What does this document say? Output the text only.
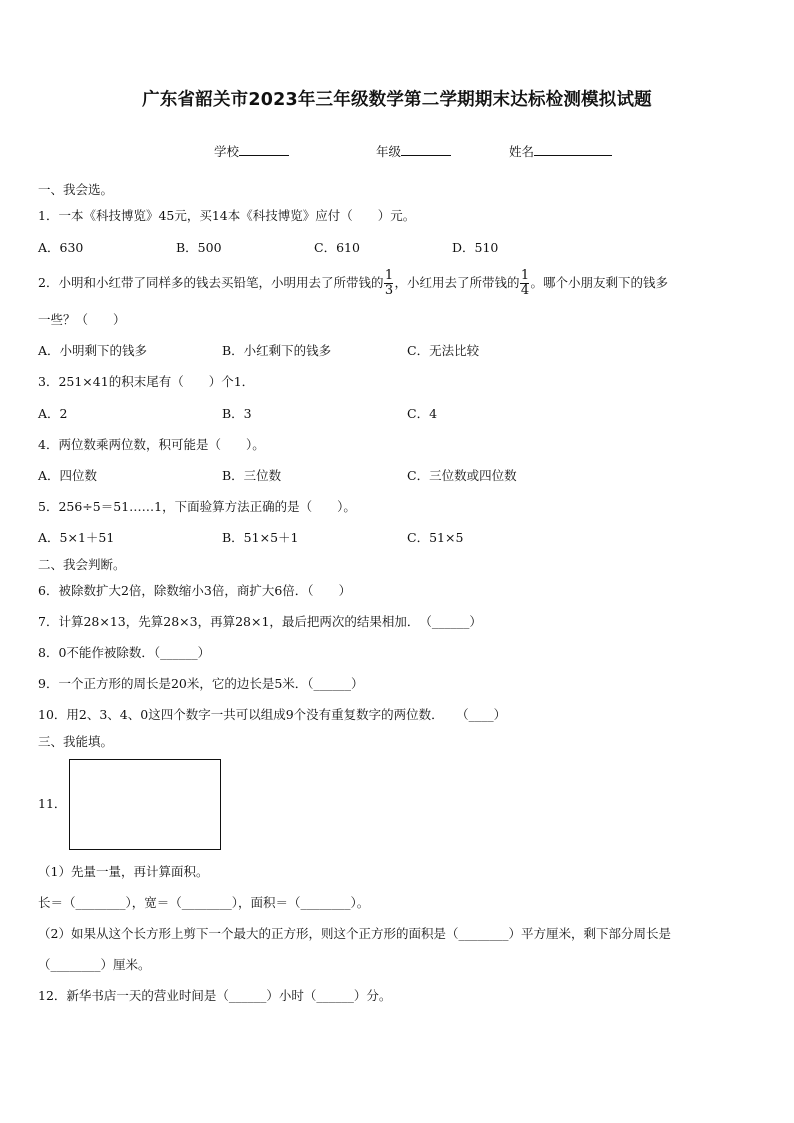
广东省韶关市2023年三年级数学第二学期期末达标检测模拟试题
学校	年级	姓名
一、我会选。
1．一本《科技博览》45元，买14本《科技博览》应付（　　）元。
A．630	B．500	C．610	D．510
2．小明和小红带了同样多的钱去买铅笔，小明用去了所带钱的 $\frac{1}{3}$ ，小红用去了所带钱的 $\frac{1}{4}$ 。哪个小朋友剩下的钱多
一些？（　　）
A．小明剩下的钱多	B．小红剩下的钱多	C．无法比较
3．251×41的积末尾有（　　）个1．
A．2	B．3	C．4
4．两位数乘两位数，积可能是（　　）。
A．四位数	B．三位数	C．三位数或四位数
5．256÷5＝51……1，下面验算方法正确的是（　　）。
A．5×1＋51	B．51×5＋1	C．51×5
二、我会判断。
6．被除数扩大2倍，除数缩小3倍，商扩大6倍．（　　）
7．计算28×13，先算28×3，再算28×1，最后把两次的结果相加．　（______）
8．0不能作被除数．（______）
9．一个正方形的周长是20米，它的边长是5米．（______）
10．用2、3、4、0这四个数字一共可以组成9个没有重复数字的两位数．　　（____）
三、我能填。
11．
（1）先量一量，再计算面积。
长＝（________），宽＝（________），面积＝（________）。
（2）如果从这个长方形上剪下一个最大的正方形，则这个正方形的面积是（________）平方厘米，剩下部分周长是
（________）厘米。
12．新华书店一天的营业时间是（______）小时（______）分。
